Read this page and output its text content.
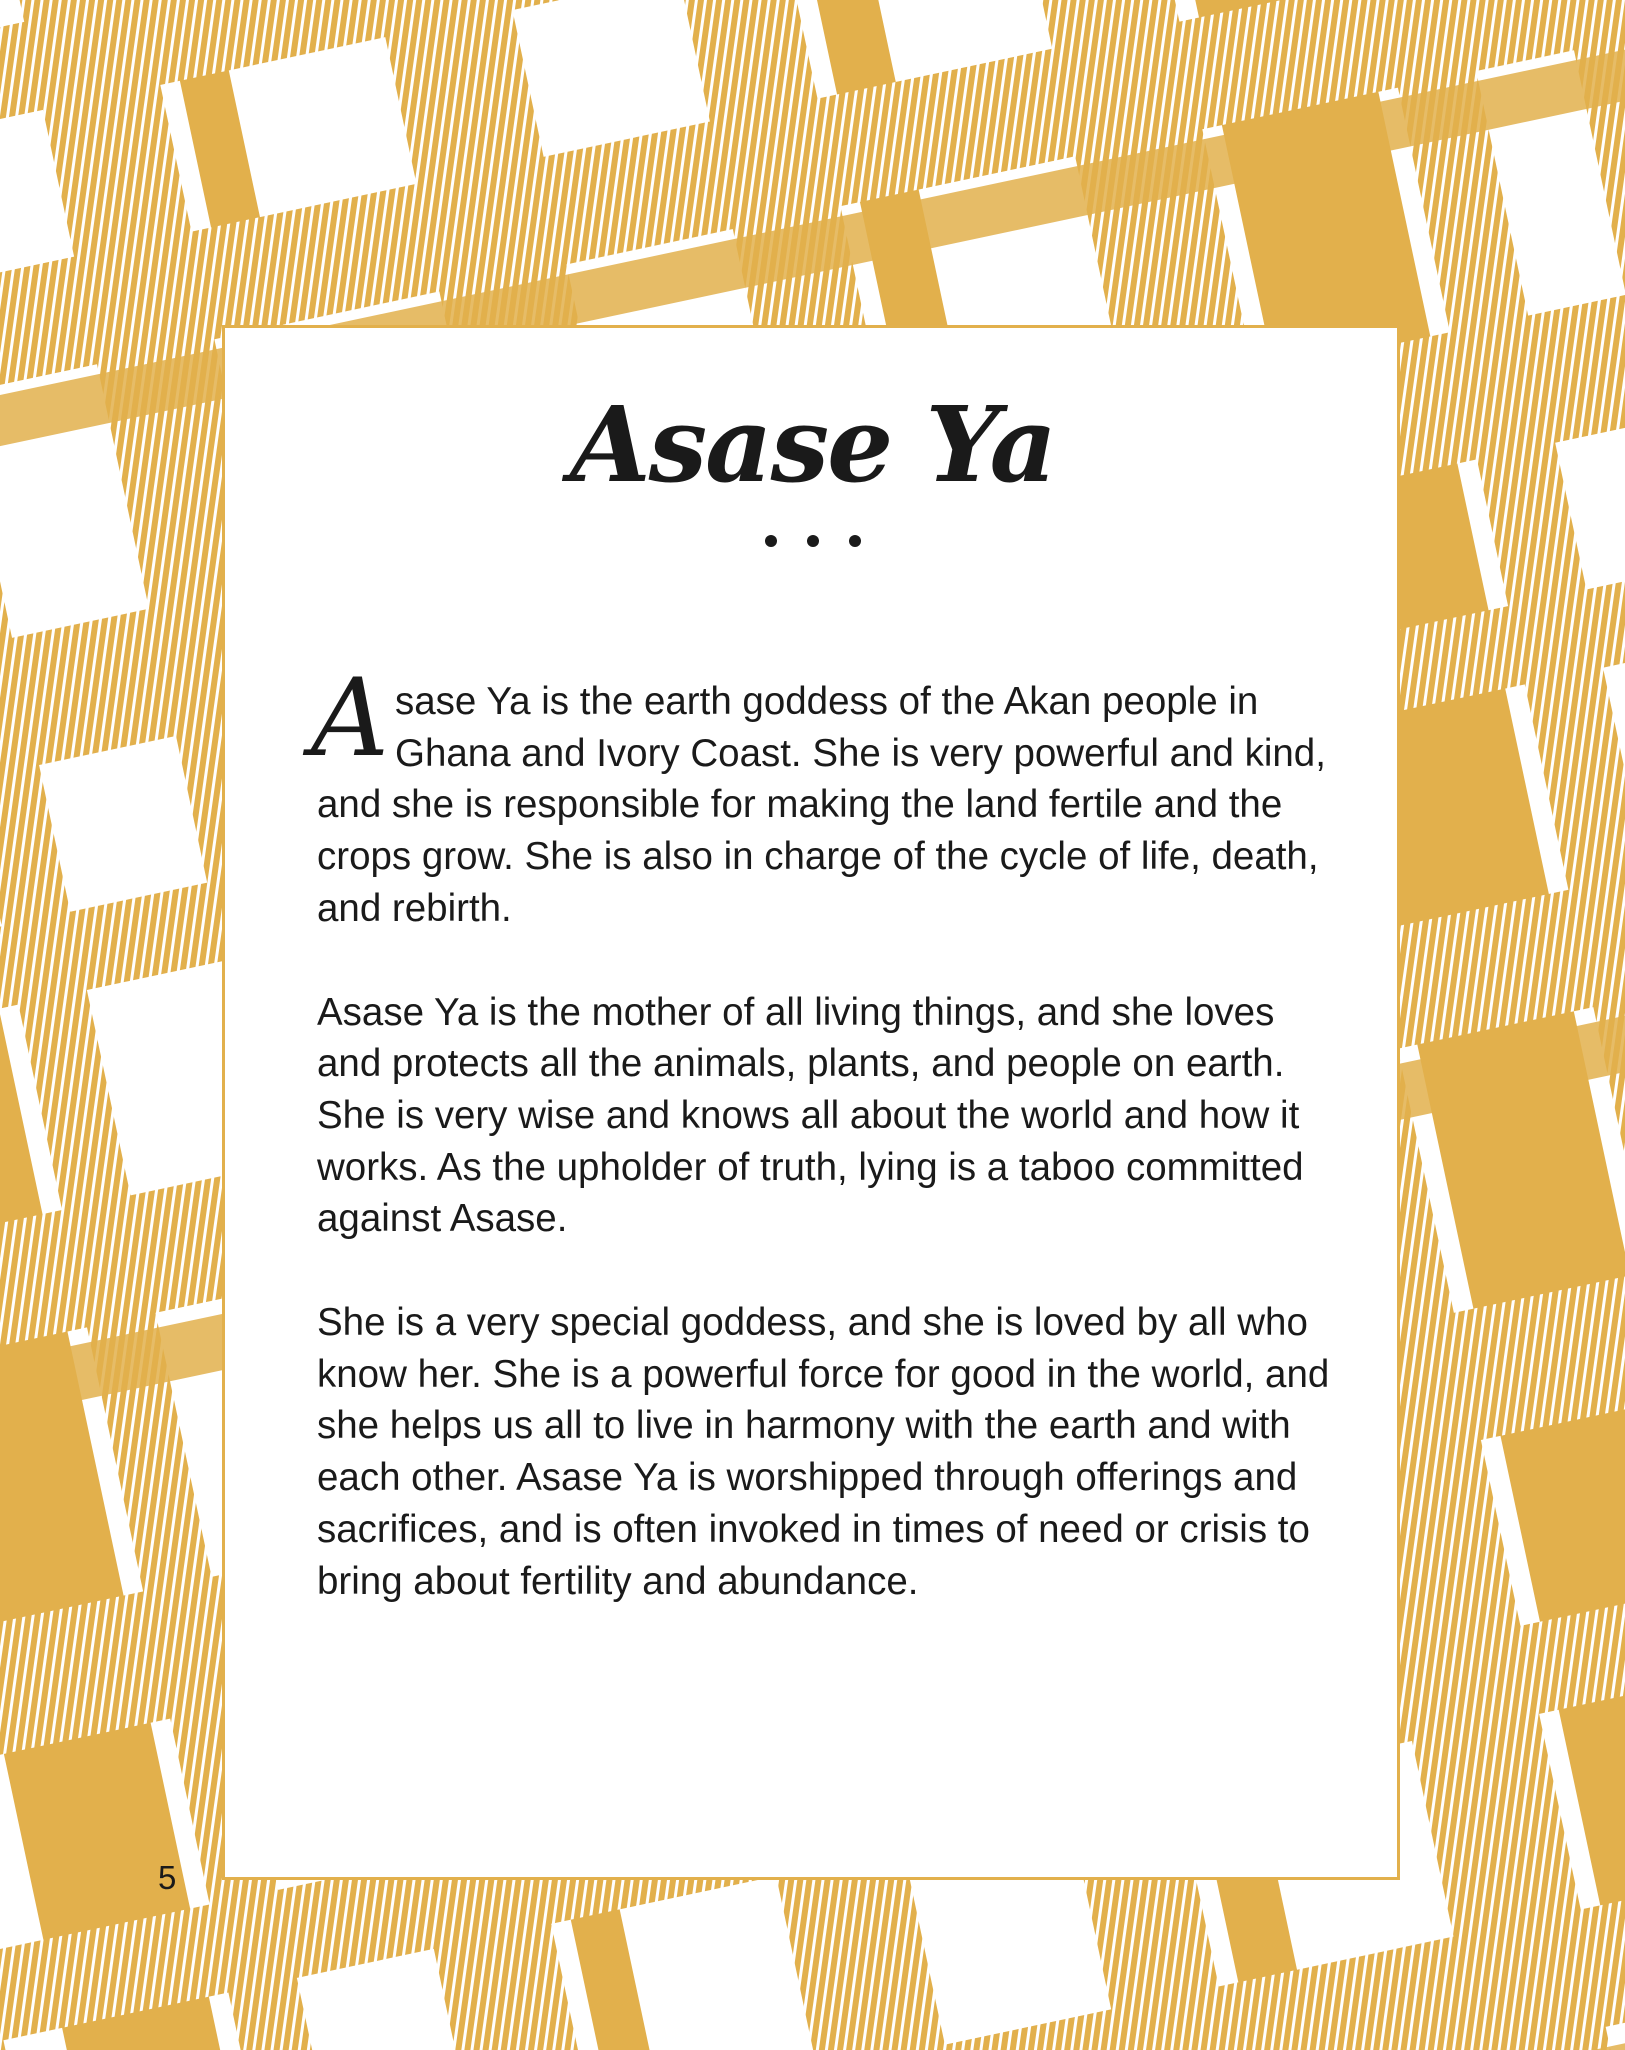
Asase Ya

Asase Ya is the earth goddess of the Akan people in Ghana and Ivory Coast. She is very powerful and kind, and she is responsible for making the land fertile and the crops grow. She is also in charge of the cycle of life, death, and rebirth.

Asase Ya is the mother of all living things, and she loves and protects all the animals, plants, and people on earth. She is very wise and knows all about the world and how it works. As the upholder of truth, lying is a taboo committed against Asase.

She is a very special goddess, and she is loved by all who know her. She is a powerful force for good in the world, and she helps us all to live in harmony with the earth and with each other. Asase Ya is worshipped through offerings and sacrifices, and is often invoked in times of need or crisis to bring about fertility and abundance.

5
